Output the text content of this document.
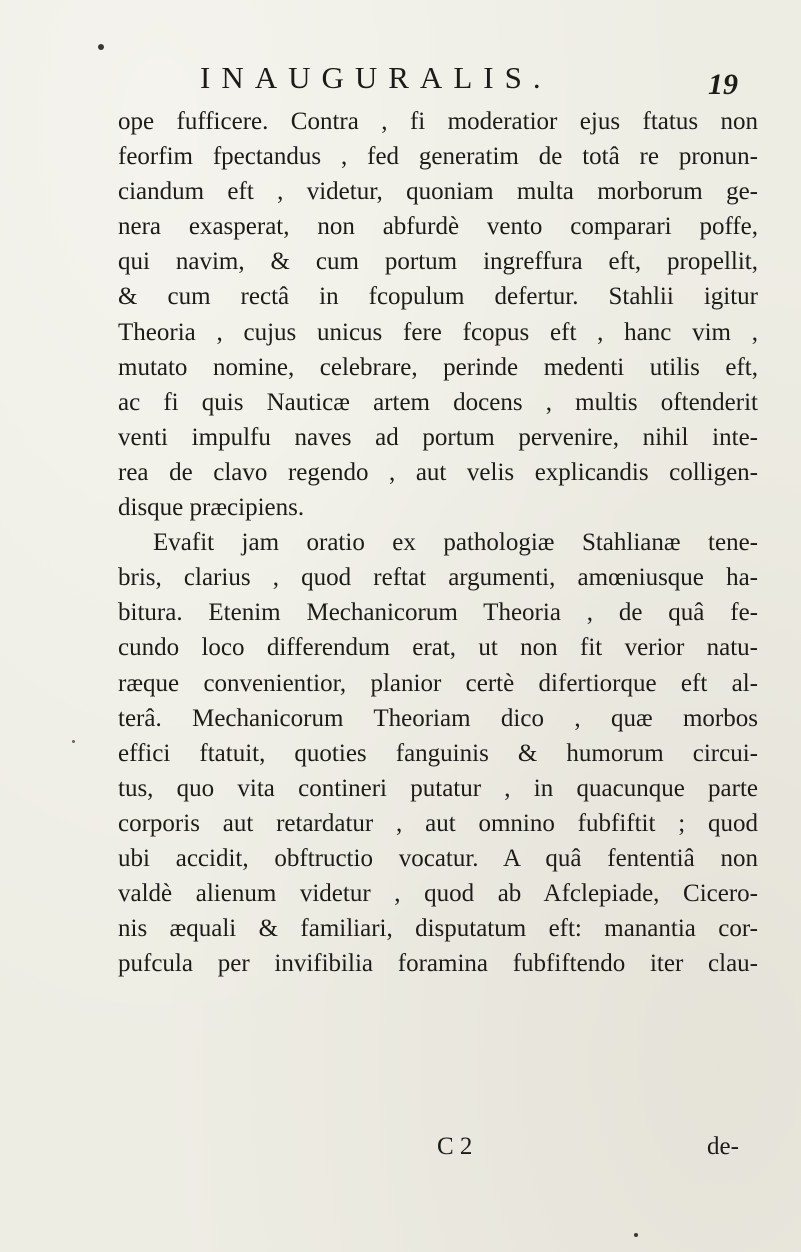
INAUGURALIS.	19
ope fufficere. Contra , fi moderatior ejus ftatus non
feorfim fpectandus , fed generatim de totâ re pronun-
ciandum eft , videtur, quoniam multa morborum ge-
nera exasperat, non abfurdè vento comparari poffe,
qui navim, & cum portum ingreffura eft, propellit,
& cum rectâ in fcopulum defertur. Stahlii igitur
Theoria , cujus unicus fere fcopus eft , hanc vim ,
mutato nomine, celebrare, perinde medenti utilis eft,
ac fi quis Nauticæ artem docens , multis oftenderit
venti impulfu naves ad portum pervenire, nihil inte-
rea de clavo regendo , aut velis explicandis colligen-
disque præcipiens.
Evafit jam oratio ex pathologiæ Stahlianæ tene-
bris, clarius , quod reftat argumenti, amœniusque ha-
bitura. Etenim Mechanicorum Theoria , de quâ fe-
cundo loco differendum erat, ut non fit verior natu-
ræque convenientior, planior certè difertiorque eft al-
terâ. Mechanicorum Theoriam dico , quæ morbos
effici ftatuit, quoties fanguinis & humorum circui-
tus, quo vita contineri putatur , in quacunque parte
corporis aut retardatur , aut omnino fubfiftit ; quod
ubi accidit, obftructio vocatur. A quâ fententiâ non
valdè alienum videtur , quod ab Afclepiade, Cicero-
nis æquali & familiari, disputatum eft: manantia cor-
pufcula per invifibilia foramina fubfiftendo iter clau-
C 2	de-
